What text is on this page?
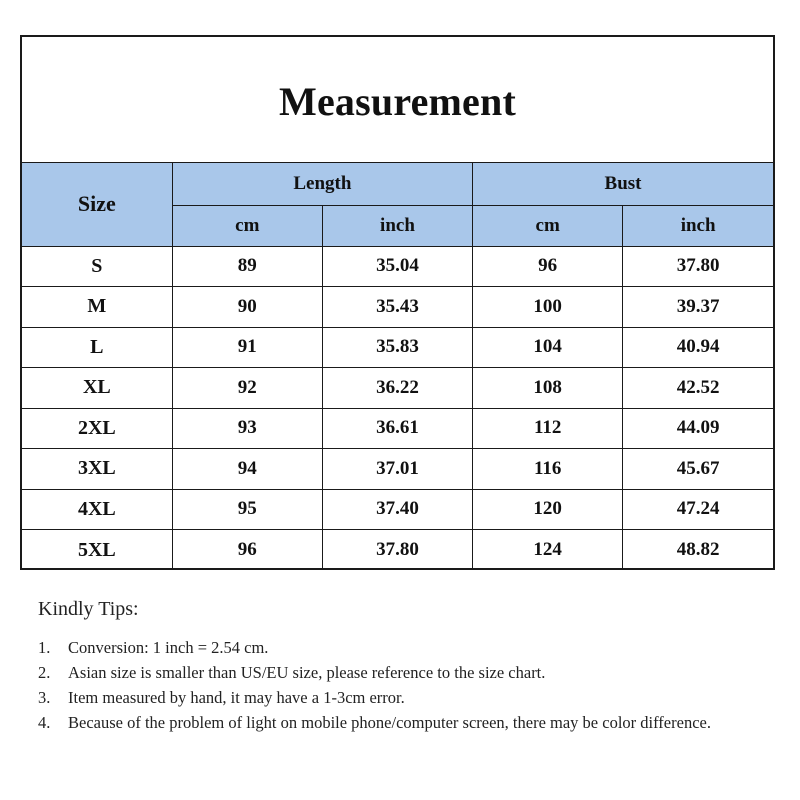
Measurement
Size	Length		Bust	
	cm	inch	cm	inch
S	89	35.04	96	37.80
M	90	35.43	100	39.37
L	91	35.83	104	40.94
XL	92	36.22	108	42.52
2XL	93	36.61	112	44.09
3XL	94	37.01	116	45.67
4XL	95	37.40	120	47.24
5XL	96	37.80	124	48.82
Kindly Tips:
1.	Conversion: 1 inch = 2.54 cm.
2.	Asian size is smaller than US/EU size, please reference to the size chart.
3.	Item measured by hand, it may have a 1-3cm error.
4.	Because of the problem of light on mobile phone/computer screen, there may be color difference.
